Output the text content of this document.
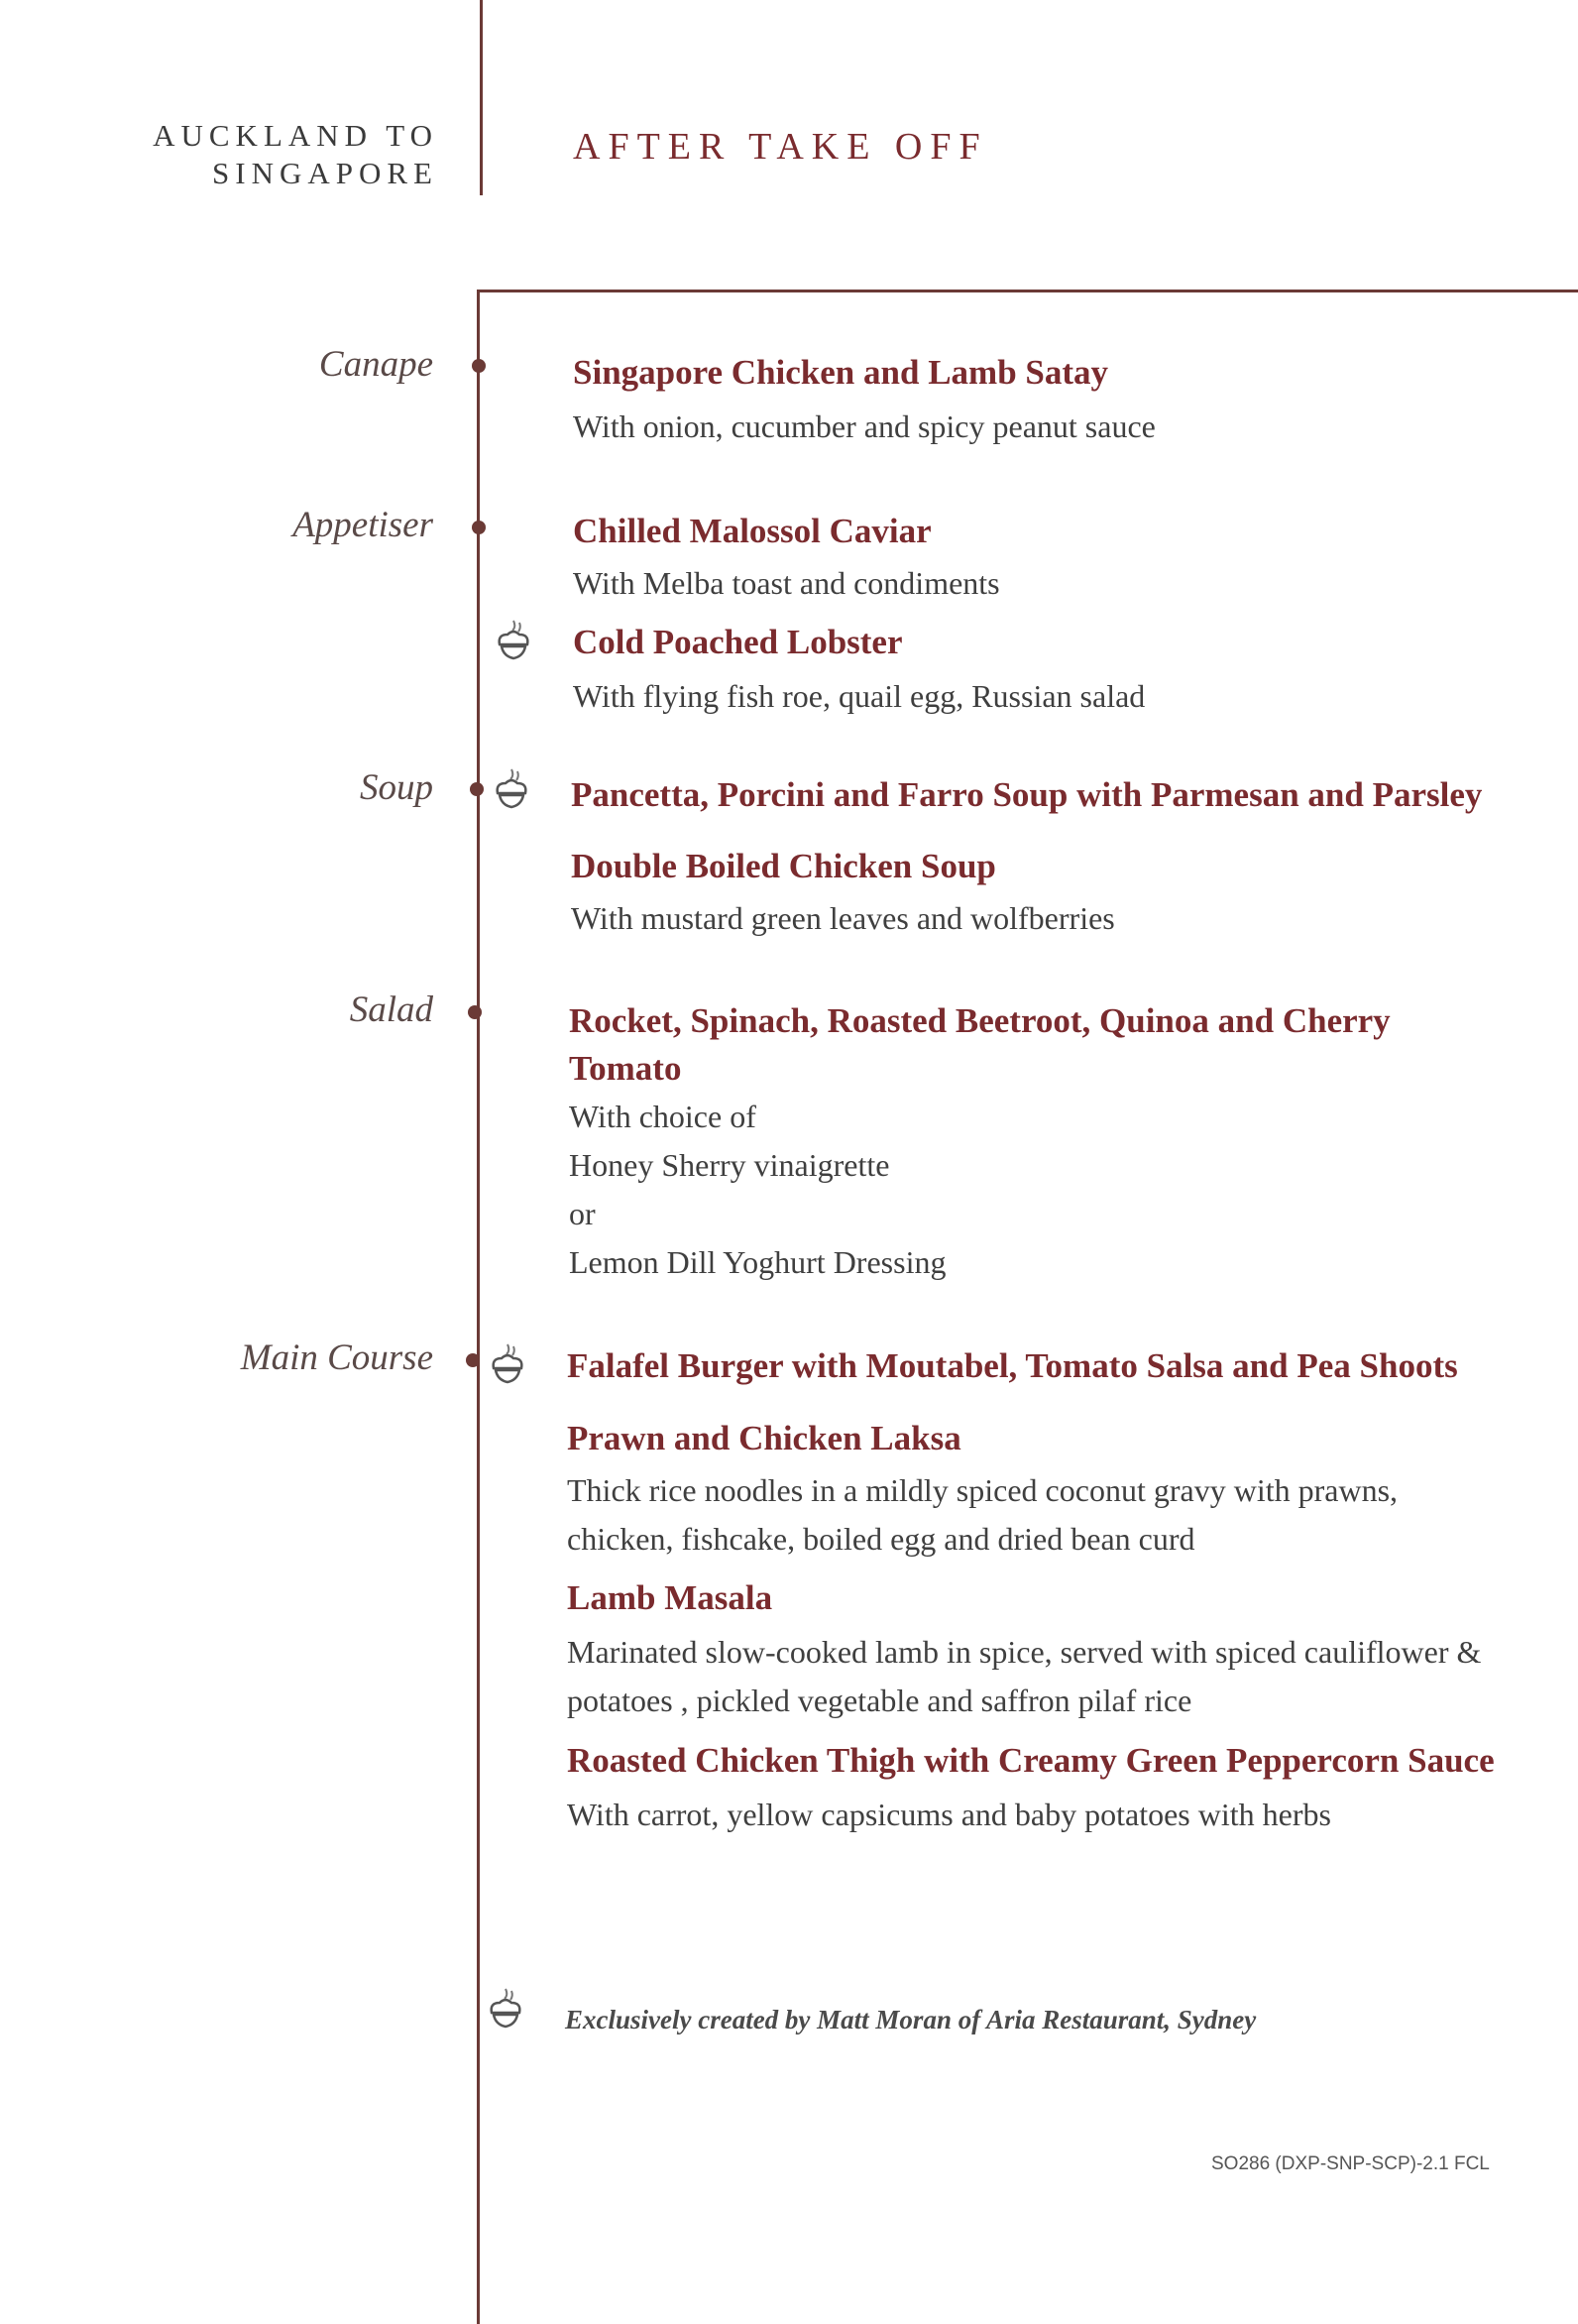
AUCKLAND TO
SINGAPORE
AFTER TAKE OFF
Canape	Singapore Chicken and Lamb Satay
With onion, cucumber and spicy peanut sauce
Appetiser	Chilled Malossol Caviar
With Melba toast and condiments
Cold Poached Lobster
With flying fish roe, quail egg, Russian salad
Soup	Pancetta, Porcini and Farro Soup with Parmesan and Parsley
Double Boiled Chicken Soup
With mustard green leaves and wolfberries
Salad	Rocket, Spinach, Roasted Beetroot, Quinoa and Cherry Tomato
With choice of
Honey Sherry vinaigrette
or
Lemon Dill Yoghurt Dressing
Main Course	Falafel Burger with Moutabel, Tomato Salsa and Pea Shoots
Prawn and Chicken Laksa
Thick rice noodles in a mildly spiced coconut gravy with prawns,
chicken, fishcake, boiled egg and dried bean curd
Lamb Masala
Marinated slow-cooked lamb in spice, served with spiced cauliflower &
potatoes , pickled vegetable and saffron pilaf rice
Roasted Chicken Thigh with Creamy Green Peppercorn Sauce
With carrot, yellow capsicums and baby potatoes with herbs
Exclusively created by Matt Moran of Aria Restaurant, Sydney
SO286 (DXP-SNP-SCP)-2.1 FCL
